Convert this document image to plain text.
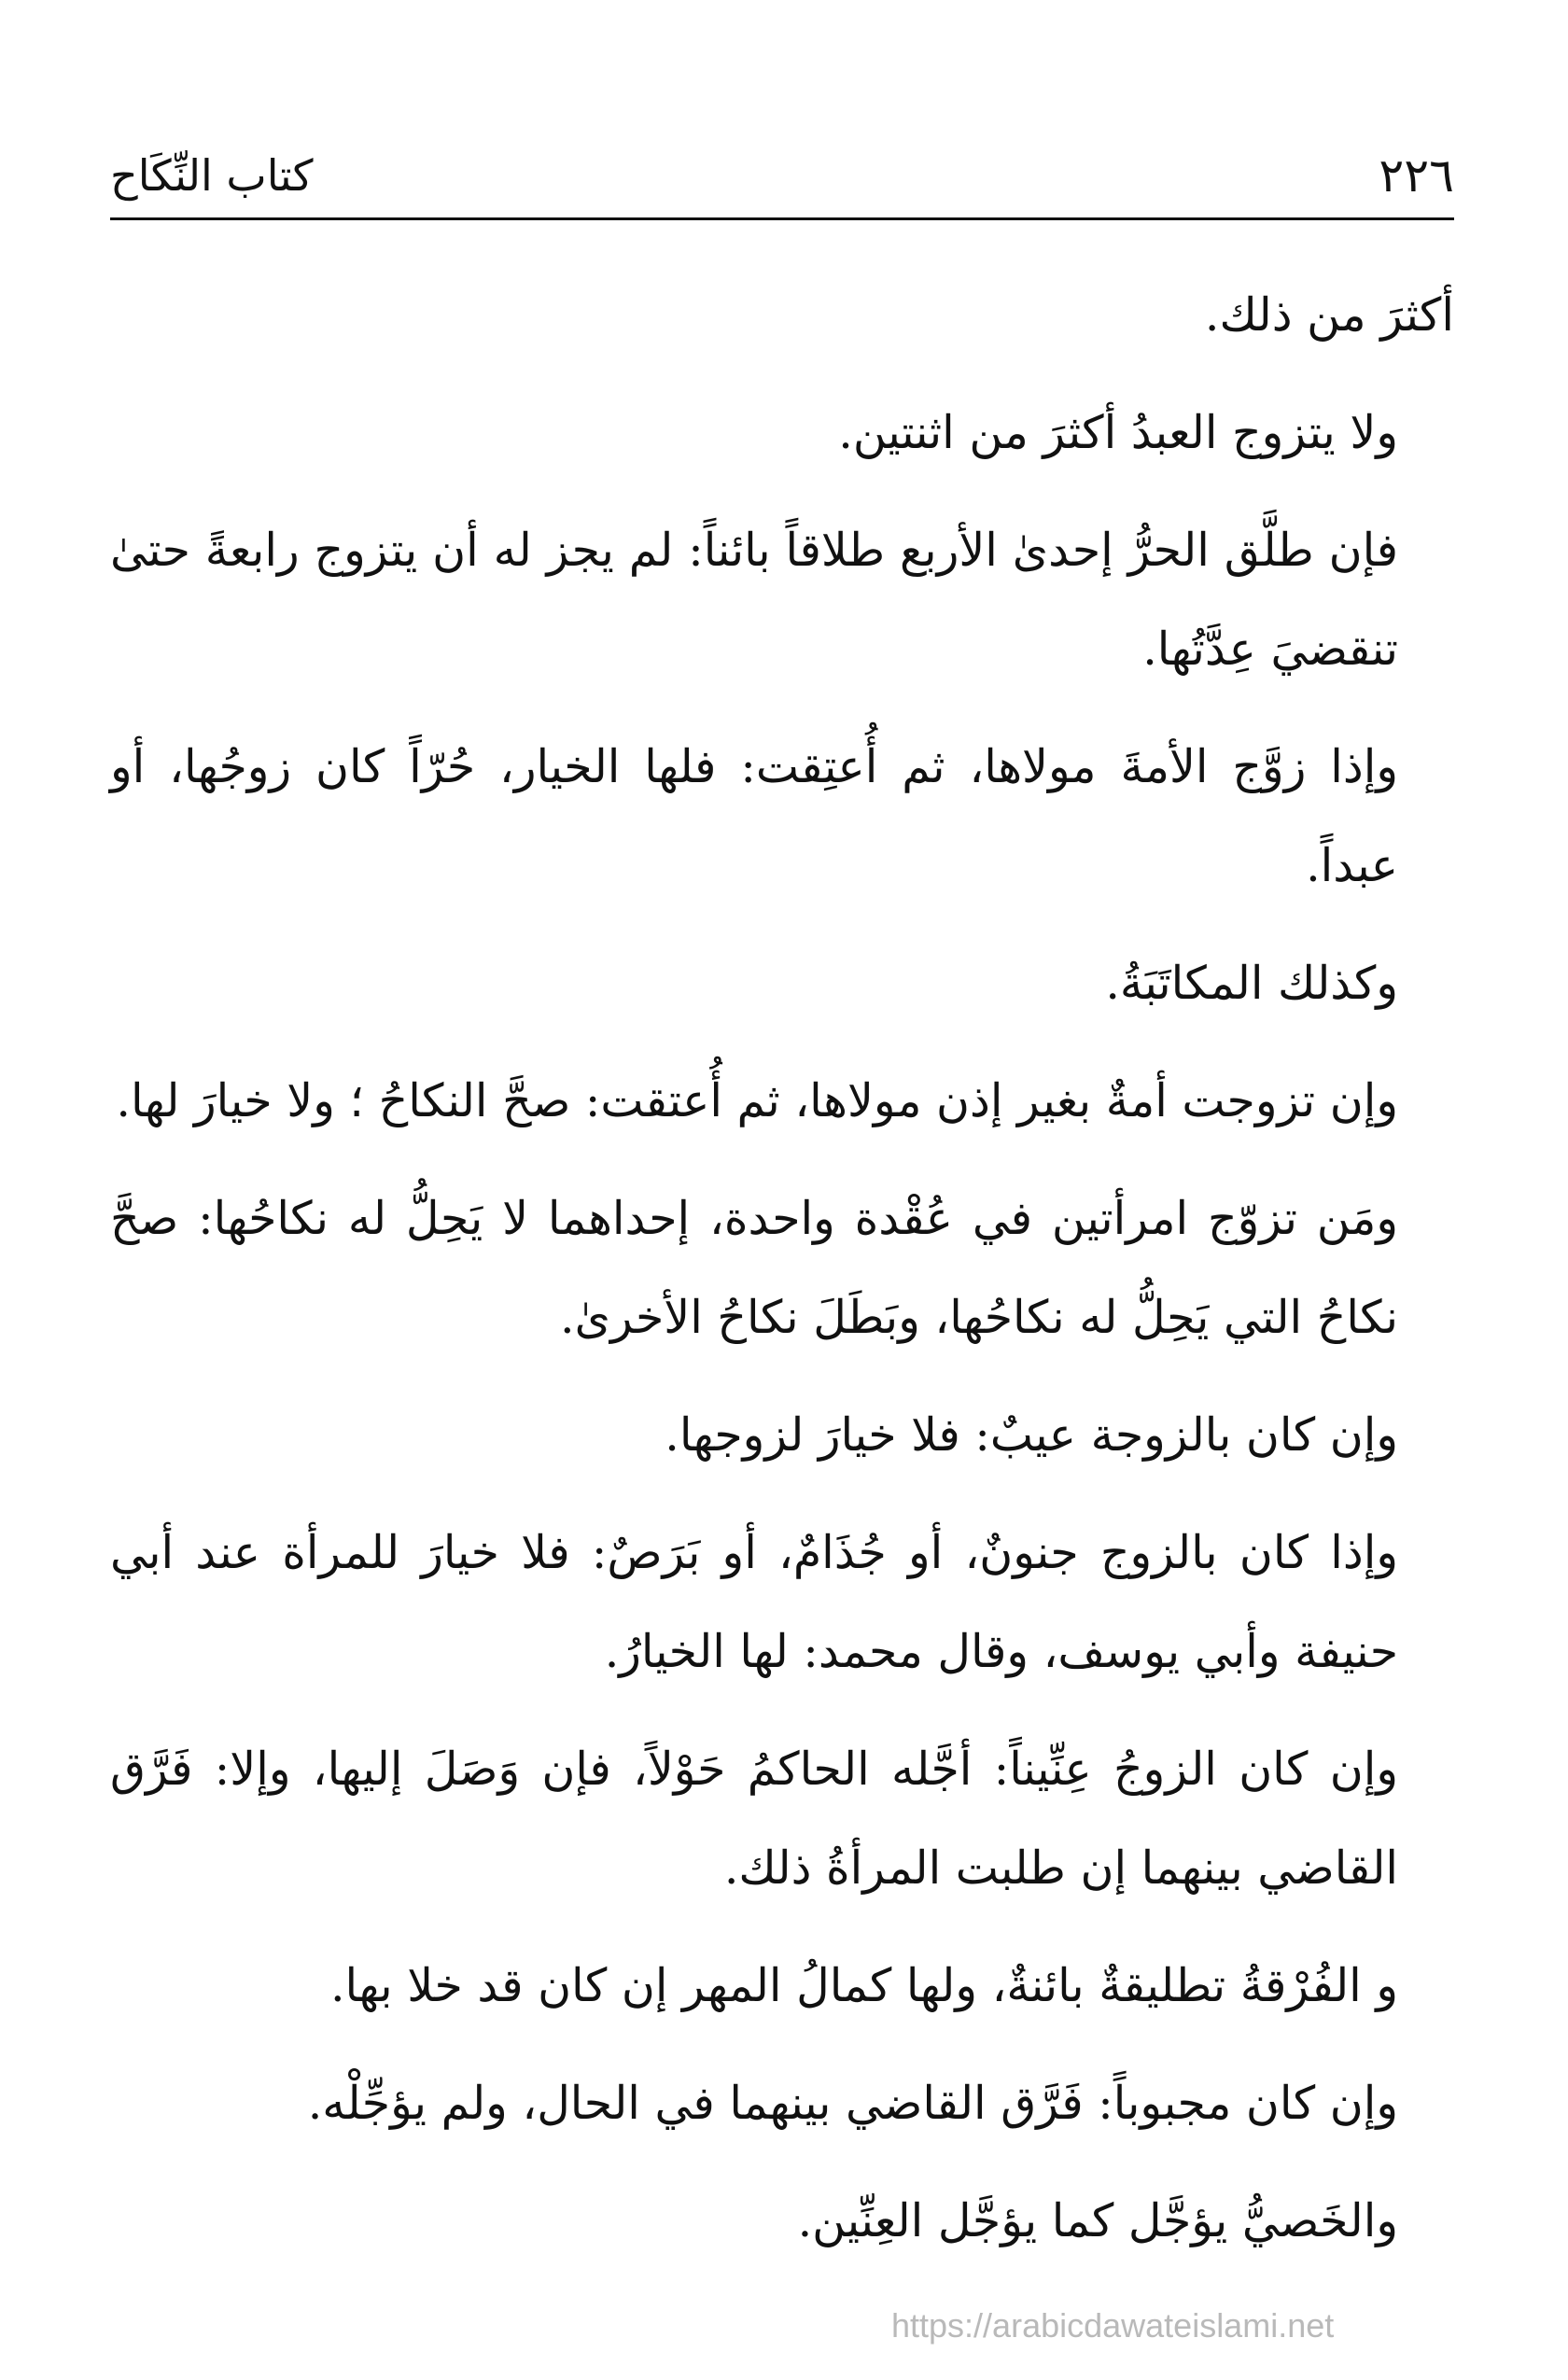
٢٢٦
كتاب النِّكَاح

أكثرَ من ذلك.

ولا يتزوج العبدُ أكثرَ من اثنتين.

فإن طلَّق الحرُّ إحدىٰ الأربع طلاقاً بائناً: لم يجز له أن يتزوج رابعةً حتىٰ تنقضيَ عِدَّتُها.

وإذا زوَّج الأمةَ مولاها، ثم أُعتِقت: فلها الخيار، حُرّاً كان زوجُها، أو عبداً.

وكذلك المكاتَبَةُ.

وإن تزوجت أمةٌ بغير إذن مولاها، ثم أُعتقت: صحَّ النكاحُ ؛ ولا خيارَ لها.

ومَن تزوّج امرأتين في عُقْدة واحدة، إحداهما لا يَحِلُّ له نكاحُها: صحَّ نكاحُ التي يَحِلُّ له نكاحُها، وبَطَلَ نكاحُ الأخرىٰ.

وإن كان بالزوجة عيبٌ: فلا خيارَ لزوجها.

وإذا كان بالزوج جنونٌ، أو جُذَامٌ، أو بَرَصٌ: فلا خيارَ للمرأة عند أبي حنيفة وأبي يوسف، وقال محمد: لها الخيارُ.

وإن كان الزوجُ عِنِّيناً: أجَّله الحاكمُ حَوْلاً، فإن وَصَلَ إليها، وإلا: فَرَّق القاضي بينهما إن طلبت المرأةُ ذلك.

و الفُرْقةُ تطليقةٌ بائنةٌ، ولها كمالُ المهر إن كان قد خلا بها.

وإن كان مجبوباً: فَرَّق القاضي بينهما في الحال، ولم يؤجِّلْه.

والخَصيُّ يؤجَّل كما يؤجَّل العِنِّين.

https://arabicdawateislami.net
